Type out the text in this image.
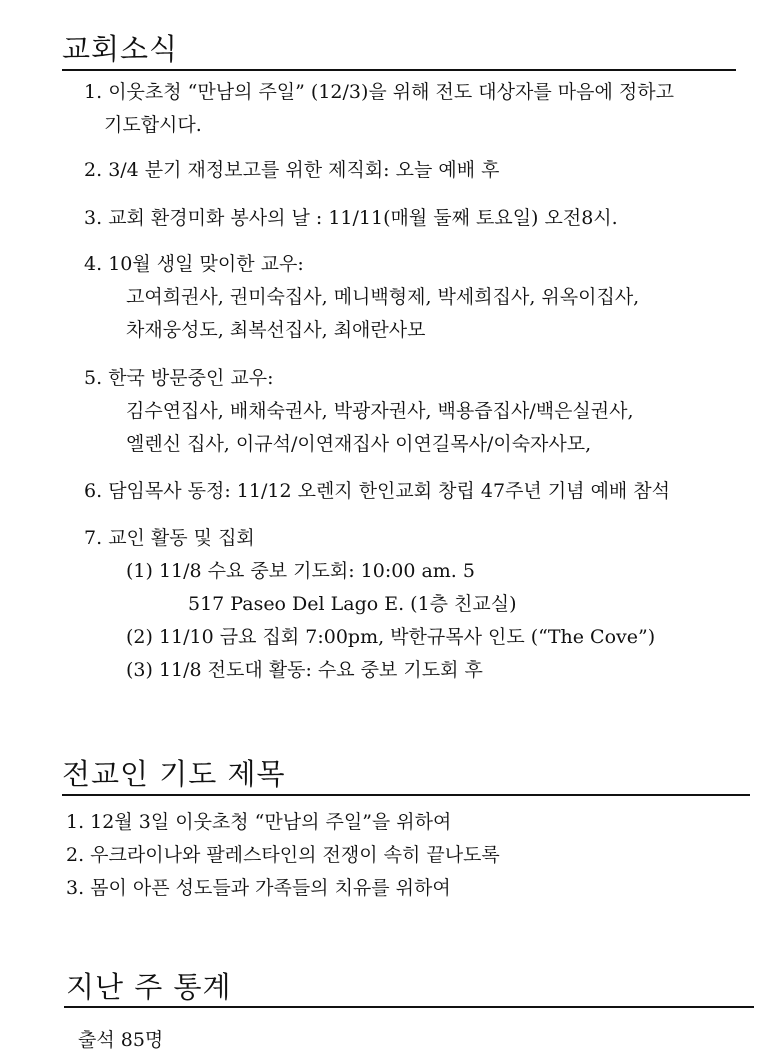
교회소식
1. 이웃초청 “만남의 주일” (12/3)을 위해 전도 대상자를 마음에 정하고
기도합시다.
2. 3/4 분기 재정보고를 위한 제직회: 오늘 예배 후
3. 교회 환경미화 봉사의 날 : 11/11(매월 둘째 토요일) 오전8시.
4. 10월 생일 맞이한 교우:
고여희권사, 권미숙집사, 메니백형제, 박세희집사, 위옥이집사,
차재웅성도, 최복선집사, 최애란사모
5. 한국 방문중인 교우:
김수연집사, 배채숙권사, 박광자권사, 백용즙집사/백은실권사,
엘렌신 집사, 이규석/이연재집사 이연길목사/이숙자사모,
6. 담임목사 동정: 11/12 오렌지 한인교회 창립 47주년 기념 예배 참석
7. 교인 활동 및 집회
(1) 11/8 수요 중보 기도회: 10:00 am. 5
517 Paseo Del Lago E. (1층 친교실)
(2) 11/10 금요 집회 7:00pm, 박한규목사 인도 (“The Cove”)
(3) 11/8 전도대 활동: 수요 중보 기도회 후
전교인 기도 제목
1. 12월 3일 이웃초청 “만남의 주일”을 위하여
2. 우크라이나와 팔레스타인의 전쟁이 속히 끝나도록
3. 몸이 아픈 성도들과 가족들의 치유를 위하여
지난 주 통계
출석 85명
